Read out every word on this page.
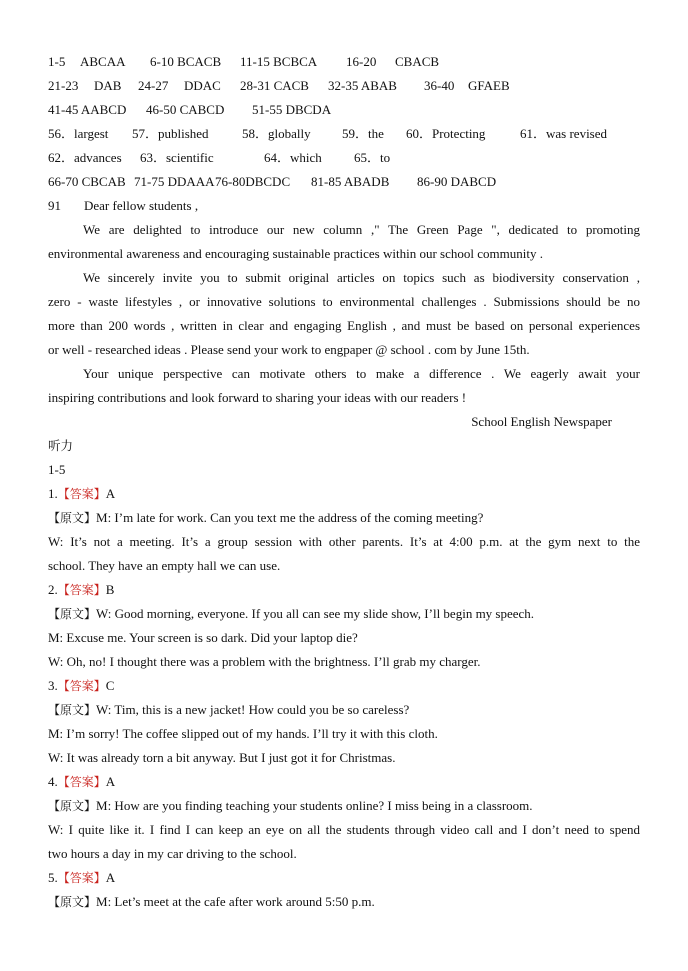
1-5 ABCAA 6-10 BCACB 11-15 BCBCA 16-20 CBACB
21-23 DAB 24-27 DDAC 28-31 CACB 32-35 ABAB 36-40 GFAEB
41-45 AABCD 46-50 CABCD 51-55 DBCDA
56．largest 57．published	58．globally 59．the 60．Protecting	61．was revised
62．advances 63．scientific	64．which 65．to
66-70 CBCAB 71-75 DDAAA76-80DBCDC 81-85 ABADB 86-90 DABCD
91 Dear fellow students ,
We are delighted to introduce our new column ," The Green Page ", dedicated to promoting
environmental awareness and encouraging sustainable practices within our school community .
We sincerely invite you to submit original articles on topics such as biodiversity conservation ,
zero - waste lifestyles , or innovative solutions to environmental challenges . Submissions should be no
more than 200 words , written in clear and engaging English , and must be based on personal experiences
or well - researched ideas . Please send your work to engpaper @ school . com by June 15th.
Your unique perspective can motivate others to make a difference . We eagerly await your
inspiring contributions and look forward to sharing your ideas with our readers !
School English Newspaper
听力
1-5
1.【答案】A
【原文】M: I’m late for work. Can you text me the address of the coming meeting?
W: It’s not a meeting. It’s a group session with other parents. It’s at 4:00 p.m. at the gym next to the
school. They have an empty hall we can use.
2.【答案】B
【原文】W: Good morning, everyone. If you all can see my slide show, I’ll begin my speech.
M: Excuse me. Your screen is so dark. Did your laptop die?
W: Oh, no! I thought there was a problem with the brightness. I’ll grab my charger.
3.【答案】C
【原文】W: Tim, this is a new jacket! How could you be so careless?
M: I’m sorry! The coffee slipped out of my hands. I’ll try it with this cloth.
W: It was already torn a bit anyway. But I just got it for Christmas.
4.【答案】A
【原文】M: How are you finding teaching your students online? I miss being in a classroom.
W: I quite like it. I find I can keep an eye on all the students through video call and I don’t need to spend
two hours a day in my car driving to the school.
5.【答案】A
【原文】M: Let’s meet at the cafe after work around 5:50 p.m.
